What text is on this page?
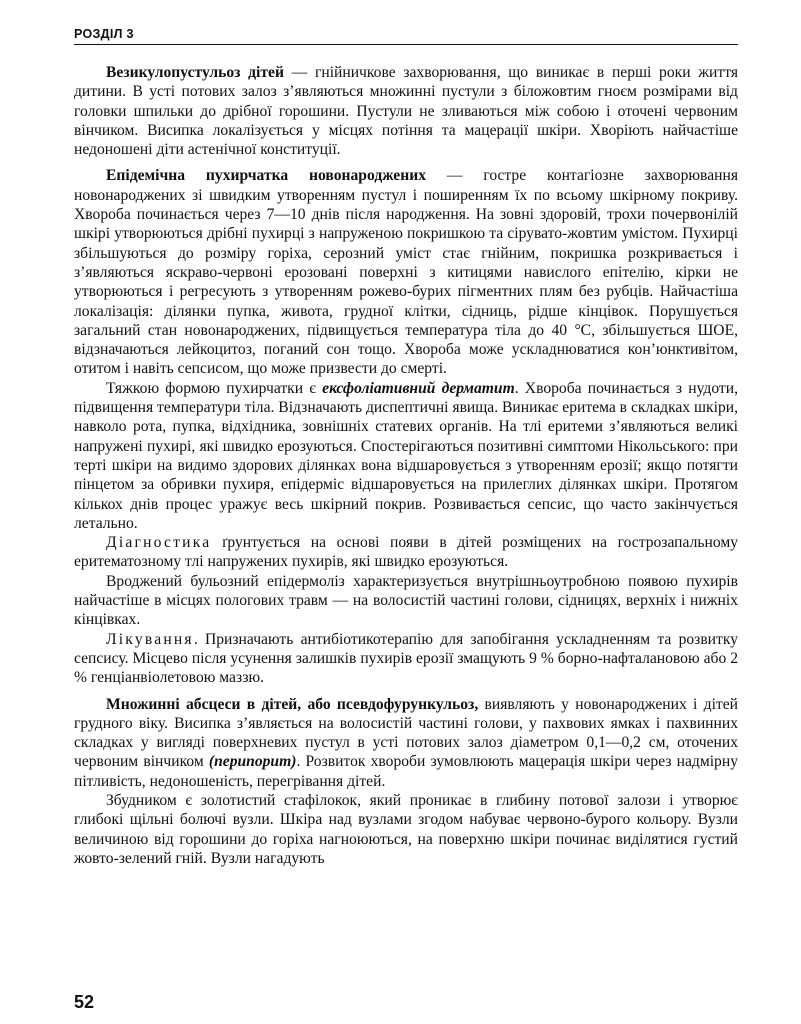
РОЗДІЛ 3

Везикулопустульоз дітей — гнійничкове захворювання, що виникає в перші роки життя дитини. В усті потових залоз з’являються множинні пустули з біложовтим гноєм розмірами від головки шпильки до дрібної горошини. Пустули не зливаються між собою і оточені червоним вінчиком. Висипка локалізується у місцях потіння та мацерації шкіри. Хворіють найчастіше недоношені діти астенічної конституції.

Епідемічна пухирчатка новонароджених — гостре контагіозне захворювання новонароджених зі швидким утворенням пустул і поширенням їх по всьому шкірному покриву. Хвороба починається через 7—10 днів після народження. На зовні здоровій, трохи почервонілій шкірі утворюються дрібні пухирці з напруженою покришкою та сірувато-жовтим умістом. Пухирці збільшуються до розміру горіха, серозний уміст стає гнійним, покришка розкривається і з’являються яскраво-червоні ерозовані поверхні з китицями навислого епітелію, кірки не утворюються і регресують з утворенням рожево-бурих пігментних плям без рубців. Найчастіша локалізація: ділянки пупка, живота, грудної клітки, сідниць, рідше кінцівок. Порушується загальний стан новонароджених, підвищується температура тіла до 40 °С, збільшується ШОЕ, відзначаються лейкоцитоз, поганий сон тощо. Хвороба може ускладнюватися кон’юнктивітом, отитом і навіть сепсисом, що може призвести до смерті.

Тяжкою формою пухирчатки є ексфоліативний дерматит. Хвороба починається з нудоти, підвищення температури тіла. Відзначають диспептичні явища. Виникає еритема в складках шкіри, навколо рота, пупка, відхідника, зовнішніх статевих органів. На тлі еритеми з’являються великі напружені пухирі, які швидко ерозуються. Спостерігаються позитивні симптоми Нікольського: при терті шкіри на видимо здорових ділянках вона відшаровується з утворенням ерозії; якщо потягти пінцетом за обривки пухиря, епідерміс відшаровується на прилеглих ділянках шкіри. Протягом кількох днів процес уражує весь шкірний покрив. Розвивається сепсис, що часто закінчується летально.

Діагностика ґрунтується на основі появи в дітей розміщених на гострозапальному еритематозному тлі напружених пухирів, які швидко ерозуються.

Вроджений бульозний епідермоліз характеризується внутрішньоутробною появою пухирів найчастіше в місцях пологових травм — на волосистій частині голови, сідницях, верхніх і нижніх кінцівках.

Лікування. Призначають антибіотикотерапію для запобігання ускладненням та розвитку сепсису. Місцево після усунення залишків пухирів ерозії змащують 9 % борно-нафталановою або 2 % генціанвіолетовою маззю.

Множинні абсцеси в дітей, або псевдофурункульоз, виявляють у новонароджених і дітей грудного віку. Висипка з’являється на волосистій частині голови, у пахвових ямках і пахвинних складках у вигляді поверхневих пустул в усті потових залоз діаметром 0,1—0,2 см, оточених червоним вінчиком (перипорит). Розвиток хвороби зумовлюють мацерація шкіри через надмірну пітливість, недоношеність, перегрівання дітей.

Збудником є золотистий стафілокок, який проникає в глибину потової залози і утворює глибокі щільні болючі вузли. Шкіра над вузлами згодом набуває червоно-бурого кольору. Вузли величиною від горошини до горіха нагноюються, на поверхню шкіри починає виділятися густий жовто-зелений гній. Вузли нагадують

52
